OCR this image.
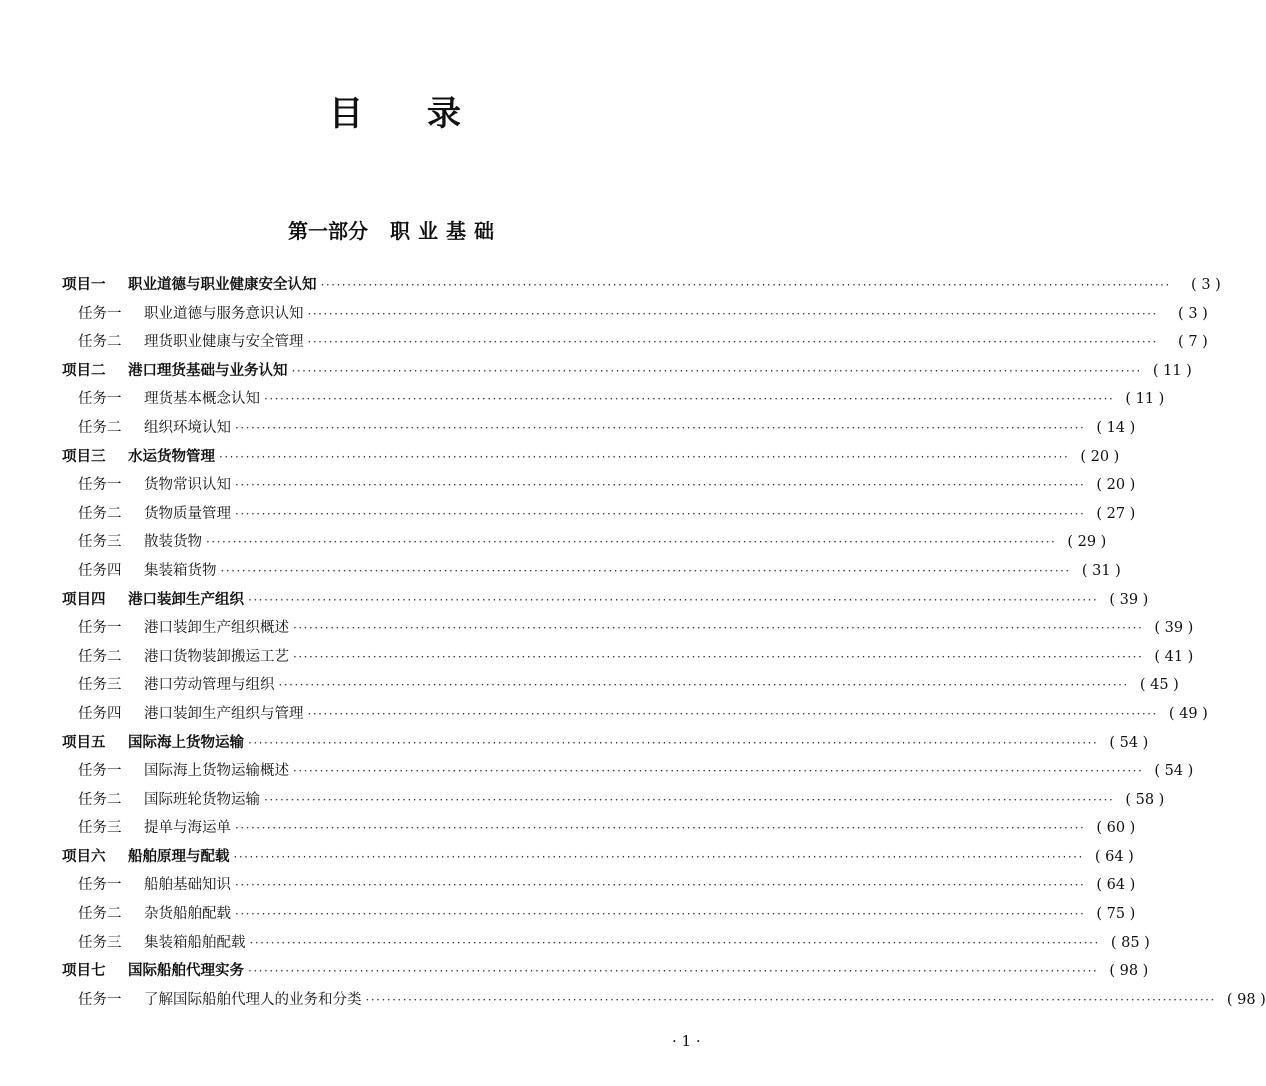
目录
第一部分 职业基础
项目一 职业道德与职业健康安全认知 ································································································································································	( 3 )
任务一 职业道德与服务意识认知 ································································································································································	( 3 )
任务二 理货职业健康与安全管理 ································································································································································	( 7 )
项目二 港口理货基础与业务认知 ································································································································································ ( 11 )
任务一 理货基本概念认知 ································································································································································ ( 11 )
任务二 组织环境认知 ································································································································································ ( 14 )
项目三 水运货物管理 ································································································································································ ( 20 )
任务一 货物常识认知 ································································································································································ ( 20 )
任务二 货物质量管理 ································································································································································ ( 27 )
任务三 散装货物 ································································································································································ ( 29 )
任务四 集装箱货物 ································································································································································ ( 31 )
项目四 港口装卸生产组织 ································································································································································ ( 39 )
任务一 港口装卸生产组织概述 ································································································································································ ( 39 )
任务二 港口货物装卸搬运工艺 ································································································································································ ( 41 )
任务三 港口劳动管理与组织 ································································································································································ ( 45 )
任务四 港口装卸生产组织与管理 ································································································································································ ( 49 )
项目五 国际海上货物运输 ································································································································································ ( 54 )
任务一 国际海上货物运输概述 ································································································································································ ( 54 )
任务二 国际班轮货物运输 ································································································································································ ( 58 )
任务三 提单与海运单 ································································································································································ ( 60 )
项目六 船舶原理与配载 ································································································································································ ( 64 )
任务一 船舶基础知识 ································································································································································ ( 64 )
任务二 杂货船舶配载 ································································································································································ ( 75 )
任务三 集装箱船舶配载 ································································································································································ ( 85 )
项目七 国际船舶代理实务 ································································································································································ ( 98 )
任务一 了解国际船舶代理人的业务和分类 ································································································································································ ( 98 )
· 1 ·
